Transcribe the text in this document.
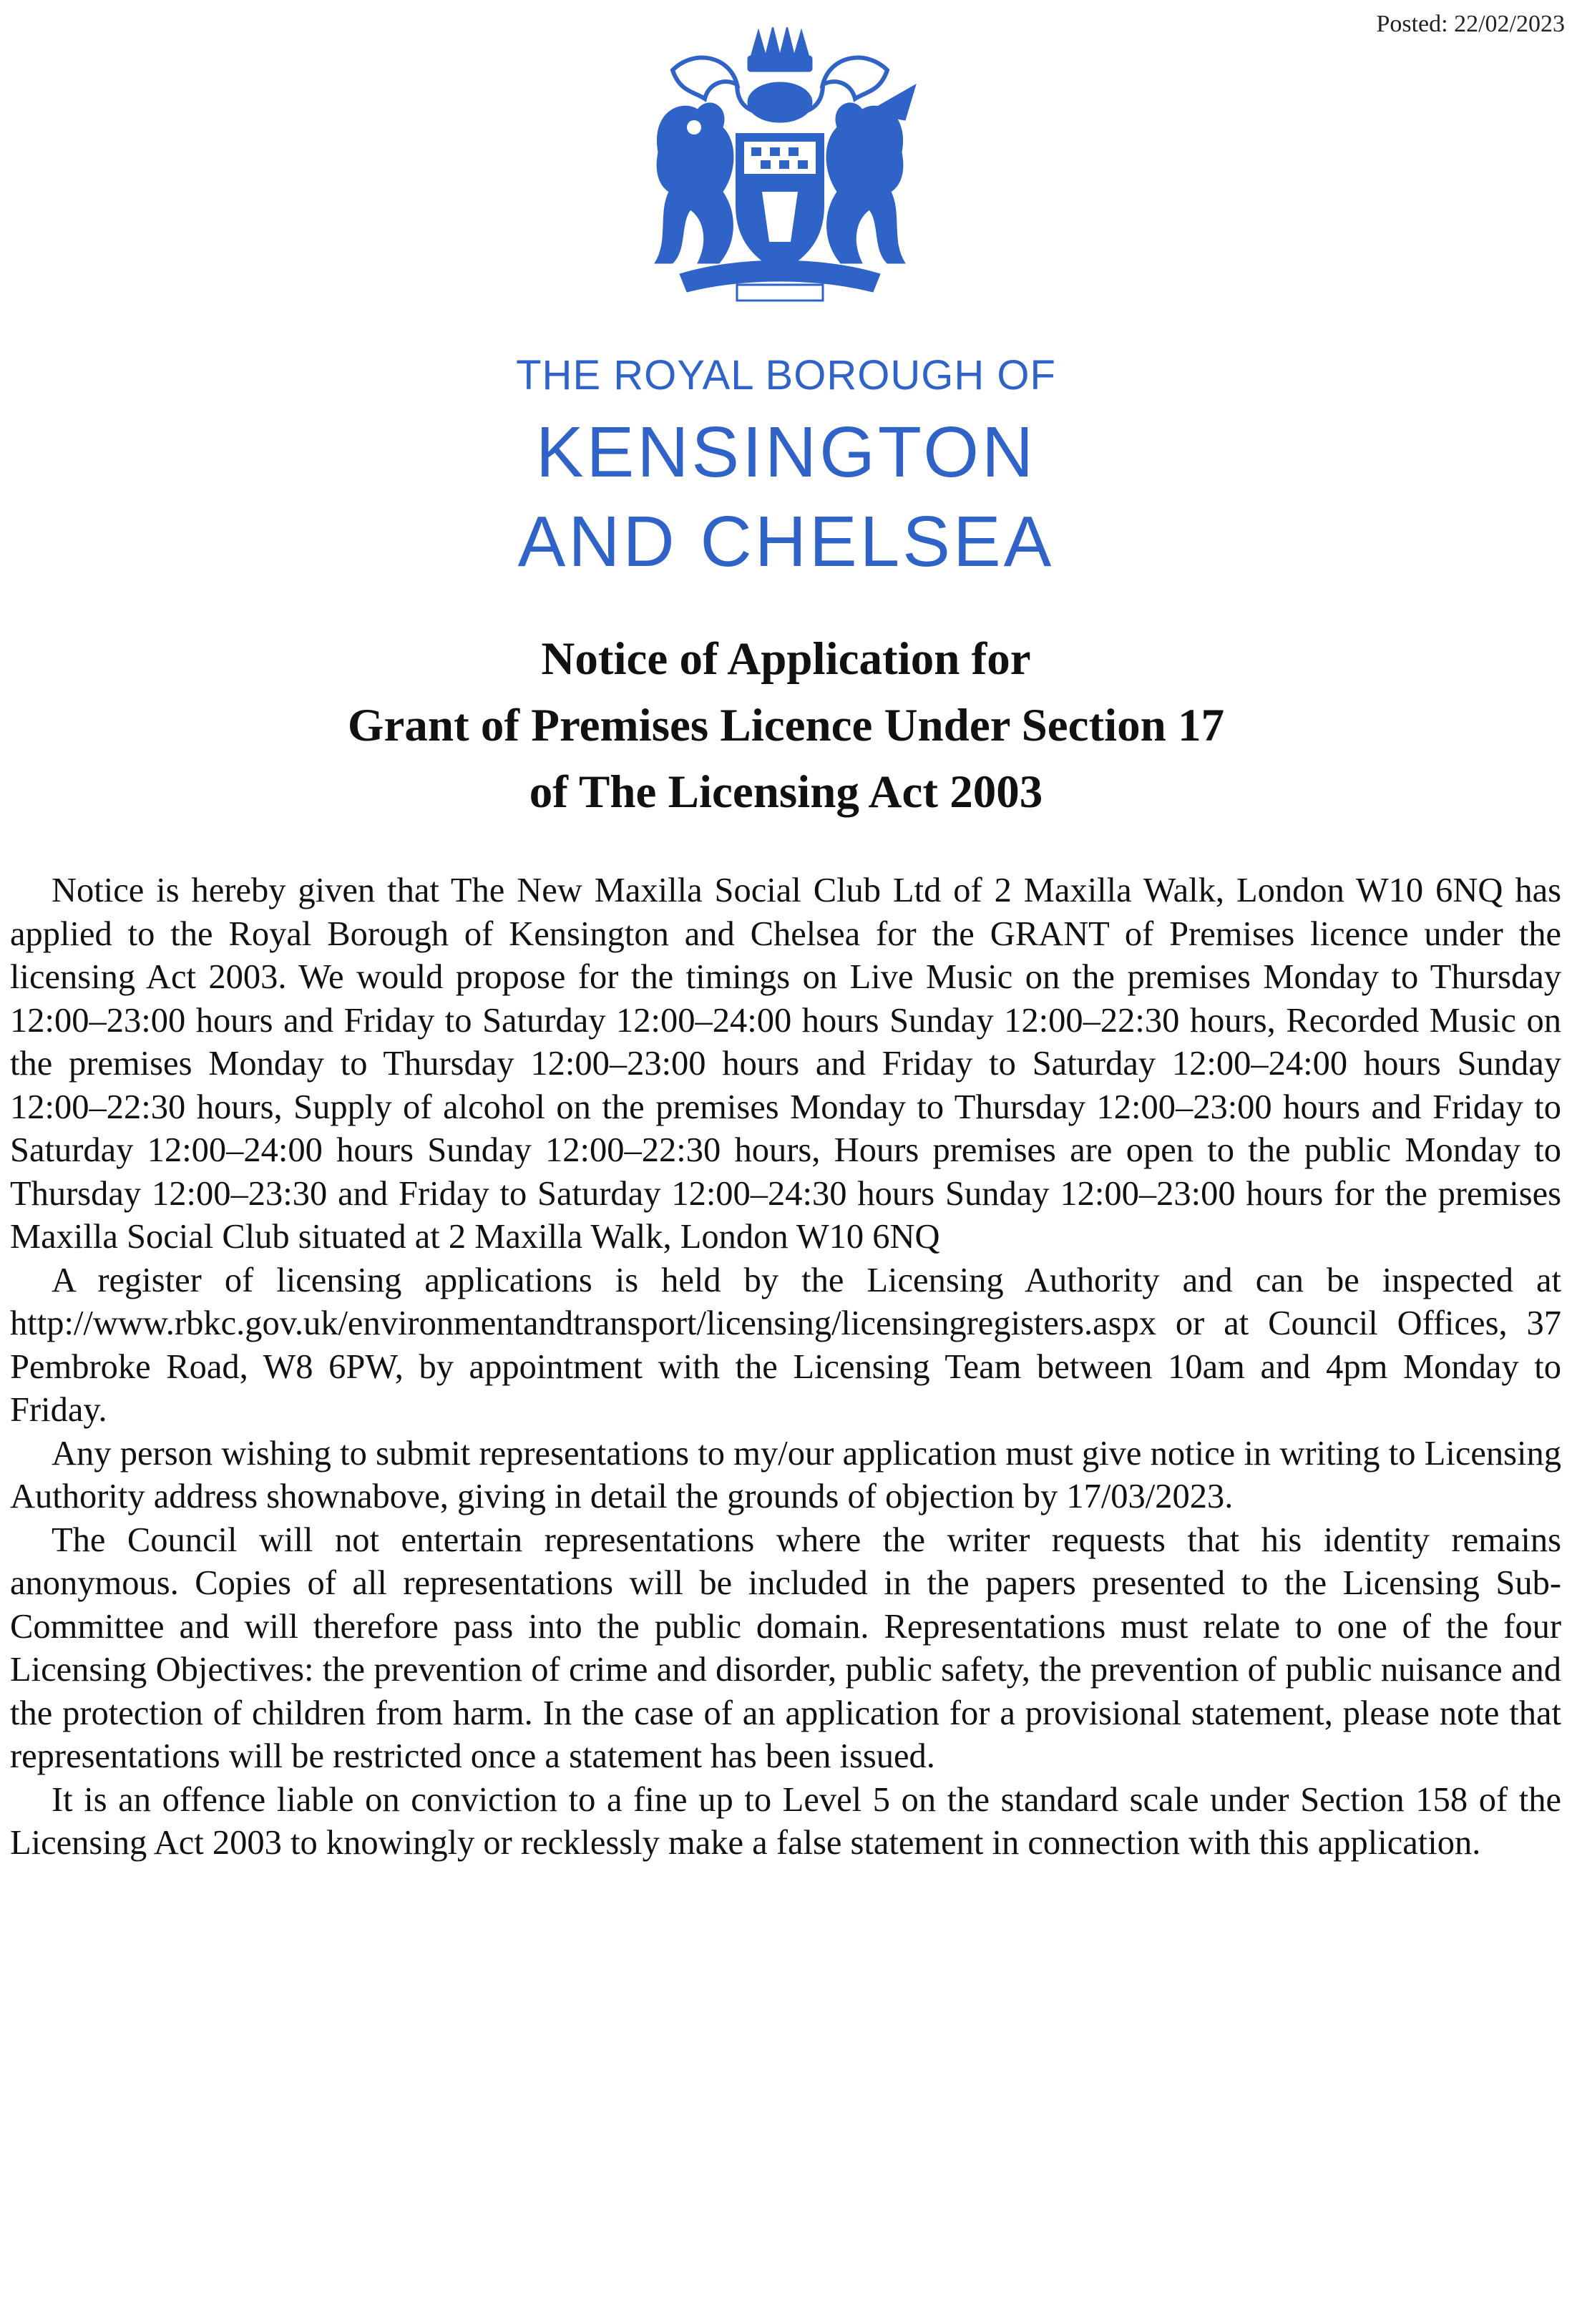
Posted: 22/02/2023
THE ROYAL BOROUGH OF
KENSINGTON
AND CHELSEA
Notice of Application for
Grant of Premises Licence Under Section 17
of The Licensing Act 2003

Notice is hereby given that The New Maxilla Social Club Ltd of 2 Maxilla Walk, London W10 6NQ has applied to the Royal Borough of Kensington and Chelsea for the GRANT of Premises licence under the licensing Act 2003. We would propose for the timings on Live Music on the premises Monday to Thursday 12:00–23:00 hours and Friday to Saturday 12:00–24:00 hours Sunday 12:00–22:30 hours, Recorded Music on the premises Monday to Thursday 12:00–23:00 hours and Friday to Saturday 12:00–24:00 hours Sunday 12:00–22:30 hours, Supply of alcohol on the premises Monday to Thursday 12:00–23:00 hours and Friday to Saturday 12:00–24:00 hours Sunday 12:00–22:30 hours, Hours premises are open to the public Monday to Thursday 12:00–23:30 and Friday to Saturday 12:00–24:30 hours Sunday 12:00–23:00 hours for the premises Maxilla Social Club situated at 2 Maxilla Walk, London W10 6NQ

A register of licensing applications is held by the Licensing Authority and can be inspected at http://www.rbkc.gov.uk/environmentandtransport/licensing/licensingregisters.aspx or at Council Offices, 37 Pembroke Road, W8 6PW, by appointment with the Licensing Team between 10am and 4pm Monday to Friday.

Any person wishing to submit representations to my/our application must give notice in writing to Licensing Authority address shownabove, giving in detail the grounds of objection by 17/03/2023.

The Council will not entertain representations where the writer requests that his identity remains anonymous. Copies of all representations will be included in the papers presented to the Licensing Sub-Committee and will therefore pass into the public domain. Representations must relate to one of the four Licensing Objectives: the prevention of crime and disorder, public safety, the prevention of public nuisance and the protection of children from harm. In the case of an application for a provisional statement, please note that representations will be restricted once a statement has been issued.

It is an offence liable on conviction to a fine up to Level 5 on the standard scale under Section 158 of the Licensing Act 2003 to knowingly or recklessly make a false statement in connection with this application.
